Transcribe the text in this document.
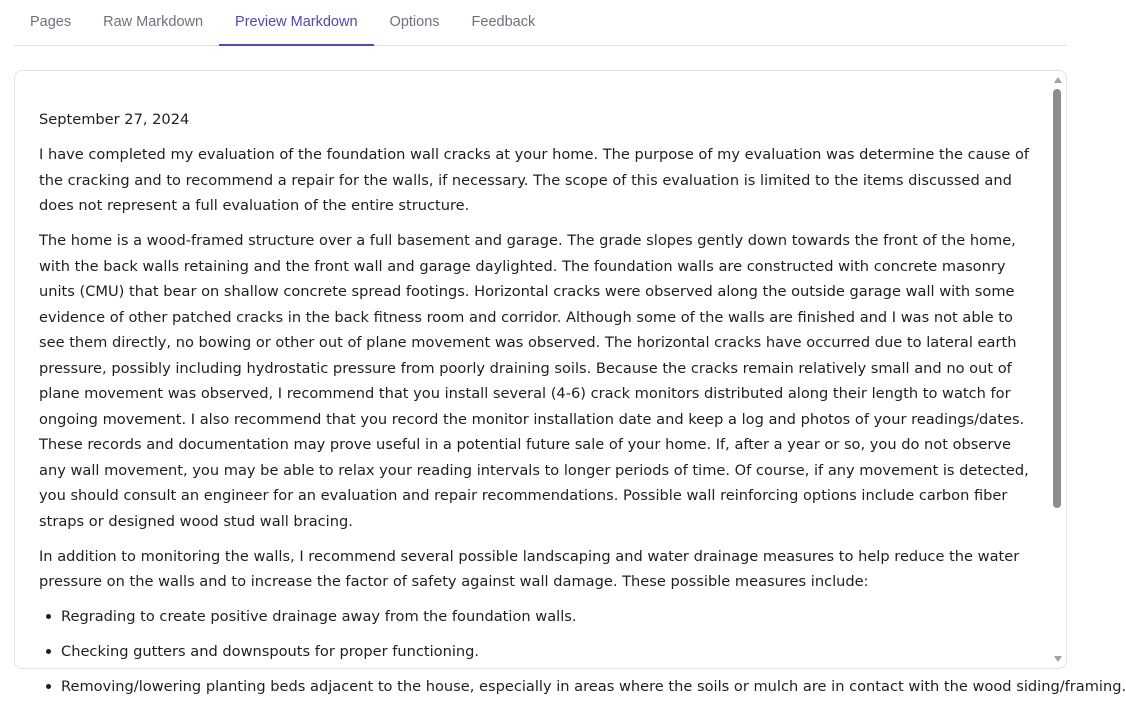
Pages	Raw Markdown	Preview Markdown	Options	Feedback

September 27, 2024

I have completed my evaluation of the foundation wall cracks at your home. The purpose of my evaluation was determine the cause of the cracking and to recommend a repair for the walls, if necessary. The scope of this evaluation is limited to the items discussed and does not represent a full evaluation of the entire structure.

The home is a wood-framed structure over a full basement and garage. The grade slopes gently down towards the front of the home, with the back walls retaining and the front wall and garage daylighted. The foundation walls are constructed with concrete masonry units (CMU) that bear on shallow concrete spread footings. Horizontal cracks were observed along the outside garage wall with some evidence of other patched cracks in the back fitness room and corridor. Although some of the walls are finished and I was not able to see them directly, no bowing or other out of plane movement was observed. The horizontal cracks have occurred due to lateral earth pressure, possibly including hydrostatic pressure from poorly draining soils. Because the cracks remain relatively small and no out of plane movement was observed, I recommend that you install several (4-6) crack monitors distributed along their length to watch for ongoing movement. I also recommend that you record the monitor installation date and keep a log and photos of your readings/dates. These records and documentation may prove useful in a potential future sale of your home. If, after a year or so, you do not observe any wall movement, you may be able to relax your reading intervals to longer periods of time. Of course, if any movement is detected, you should consult an engineer for an evaluation and repair recommendations. Possible wall reinforcing options include carbon fiber straps or designed wood stud wall bracing.

In addition to monitoring the walls, I recommend several possible landscaping and water drainage measures to help reduce the water pressure on the walls and to increase the factor of safety against wall damage. These possible measures include:

Regrading to create positive drainage away from the foundation walls.
Checking gutters and downspouts for proper functioning.
Removing/lowering planting beds adjacent to the house, especially in areas where the soils or mulch are in contact with the wood siding/framing.
